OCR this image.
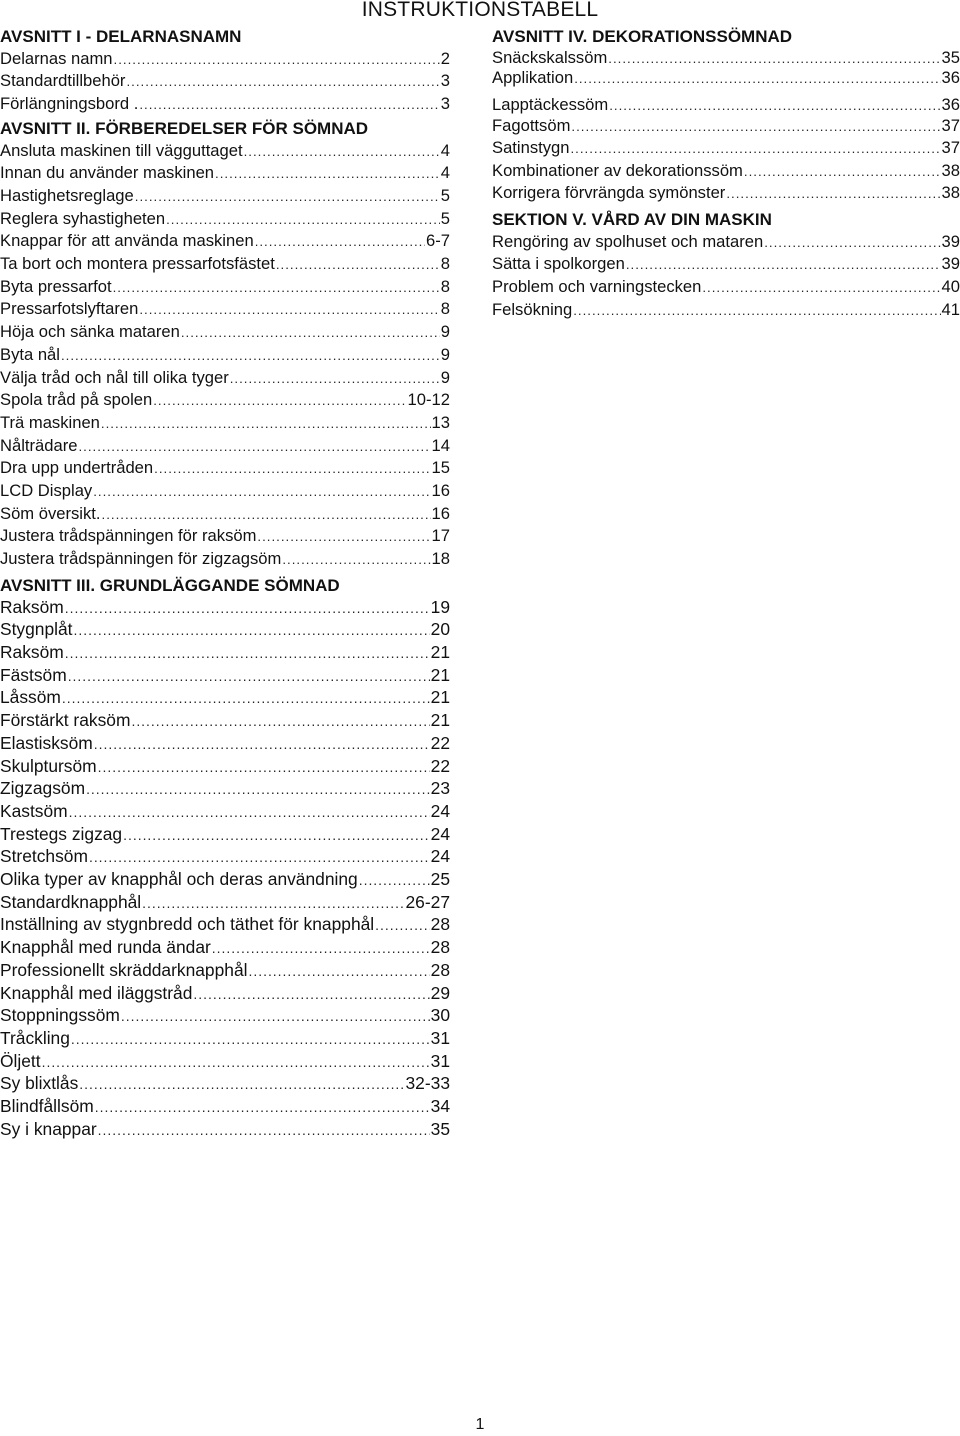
INSTRUKTIONSTABELL
AVSNITT I - DELARNASNAMN
Delarnas namn .....	2
Standardtillbehör .....	3
Förlängningsbord . .....	3
AVSNITT II. FÖRBEREDELSER FÖR SÖMNAD
Ansluta maskinen till vägguttaget .....	4
Innan du använder maskinen .....	4
Hastighetsreglage .....	5
Reglera syhastigheten .....	5
Knappar för att använda maskinen .....	6-7
Ta bort och montera pressarfotsfästet .....	8
Byta pressarfot .....	8
Pressarfotslyftaren .....	8
Höja och sänka mataren .....	9
Byta nål .....	9
Välja tråd och nål till olika tyger .....	9
Spola tråd på spolen .....	10-12
Trä maskinen .....	13
Nålträdare .....	14
Dra upp undertråden .....	15
LCD Display .....	16
Söm översikt. .....	16
Justera trådspänningen för raksöm .....	17
Justera trådspänningen för zigzagsöm .....	18
AVSNITT III. GRUNDLÄGGANDE SÖMNAD
Raksöm .....	19
Stygnplåt .....	20
Raksöm .....	21
Fästsöm .....	21
Låssöm .....	21
Förstärkt raksöm .....	21
Elastisksöm .....	22
Skulptursöm .....	22
Zigzagsöm .....	23
Kastsöm .....	24
Trestegs zigzag .....	24
Stretchsöm .....	24
Olika typer av knapphål och deras användning .....	25
Standardknapphål .....	26-27
Inställning av stygnbredd och täthet för knapphål .....	28
Knapphål med runda ändar .....	28
Professionellt skräddarknapphål .....	28
Knapphål med iläggstråd .....	29
Stoppningssöm .....	30
Tråckling .....	31
Öljett .....	31
Sy blixtlås .....	32-33
Blindfållsöm .....	34
Sy i knappar .....	35
AVSNITT IV. DEKORATIONSSÖMNAD
Snäckskalssöm .....	35
Applikation .....	36
Lapptäckessöm .....	36
Fagottsöm .....	37
Satinstygn .....	37
Kombinationer av dekorationssöm .....	38
Korrigera förvrängda symönster .....	38
SEKTION V. VÅRD AV DIN MASKIN
Rengöring av spolhuset och mataren .....	39
Sätta i spolkorgen .....	39
Problem och varningstecken .....	40
Felsökning .....	41
1
